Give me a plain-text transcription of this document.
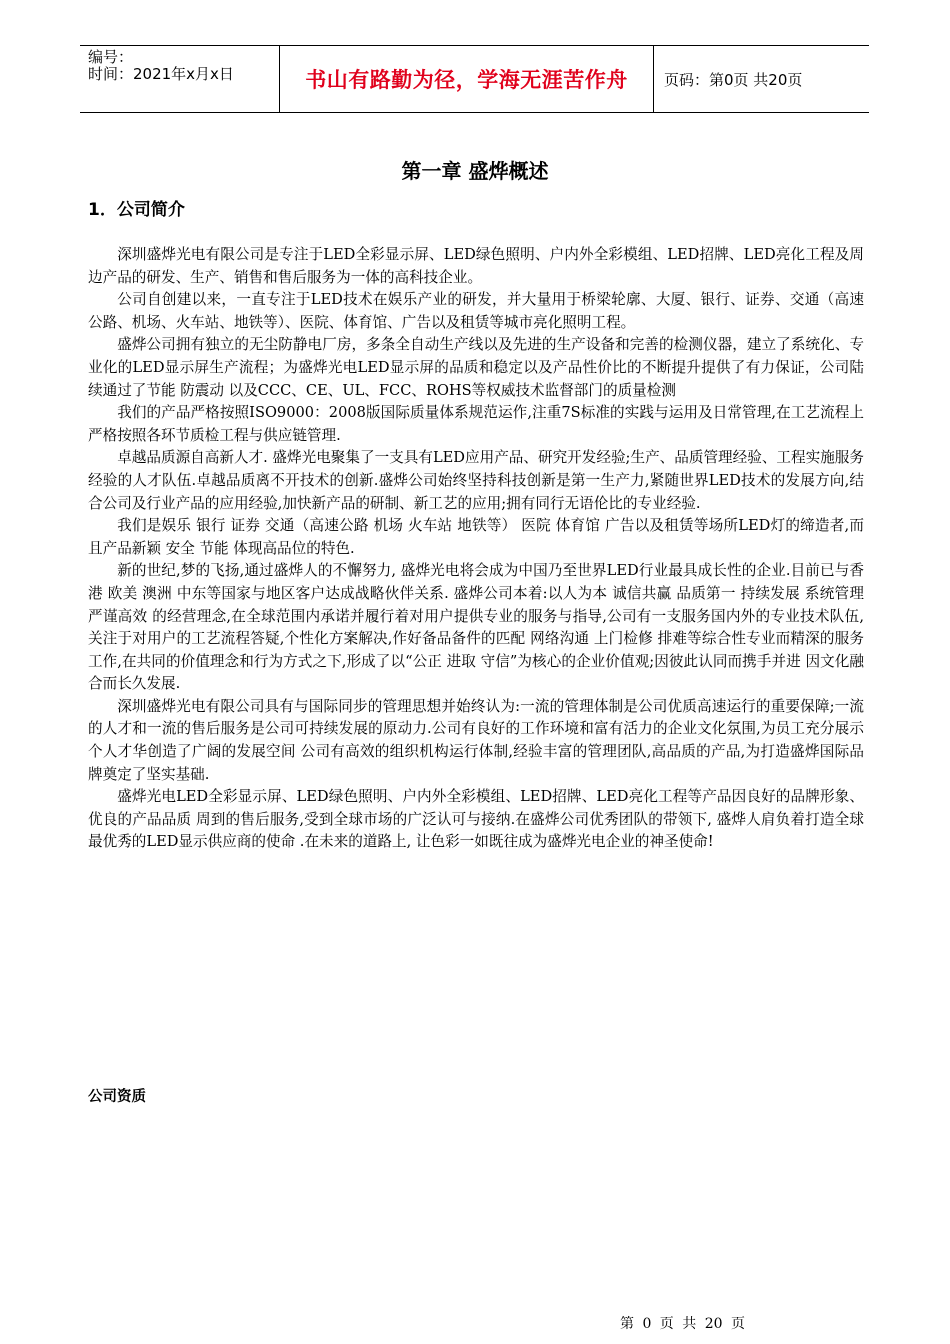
编号：
时间：2021年x月x日	书山有路勤为径，学海无涯苦作舟	页码：第0页 共20页
第一章 盛烨概述
1．公司简介

深圳盛烨光电有限公司是专注于LED全彩显示屏、LED绿色照明、户内外全彩模组、LED招牌、LED亮化工程及周边产品的研发、生产、销售和售后服务为一体的高科技企业。

公司自创建以来，一直专注于LED技术在娱乐产业的研发，并大量用于桥梁轮廓、大厦、银行、证券、交通（高速公路、机场、火车站、地铁等）、医院、体育馆、广告以及租赁等城市亮化照明工程。

盛烨公司拥有独立的无尘防静电厂房，多条全自动生产线以及先进的生产设备和完善的检测仪器，建立了系统化、专业化的LED显示屏生产流程；为盛烨光电LED显示屏的品质和稳定以及产品性价比的不断提升提供了有力保证，公司陆续通过了节能 防震动 以及CCC、CE、UL、FCC、ROHS等权威技术监督部门的质量检测

我们的产品严格按照ISO9000：2008版国际质量体系规范运作,注重7S标准的实践与运用及日常管理,在工艺流程上严格按照各环节质检工程与供应链管理.

卓越品质源自高新人才. 盛烨光电聚集了一支具有LED应用产品、研究开发经验;生产、品质管理经验、工程实施服务经验的人才队伍.卓越品质离不开技术的创新.盛烨公司始终坚持科技创新是第一生产力,紧随世界LED技术的发展方向,结合公司及行业产品的应用经验,加快新产品的研制、新工艺的应用;拥有同行无语伦比的专业经验.

我们是娱乐 银行 证券 交通（高速公路 机场 火车站 地铁等） 医院 体育馆 广告以及租赁等场所LED灯的缔造者,而且产品新颖 安全 节能 体现高品位的特色.

新的世纪,梦的飞扬,通过盛烨人的不懈努力, 盛烨光电将会成为中国乃至世界LED行业最具成长性的企业.目前已与香港 欧美 澳洲 中东等国家与地区客户达成战略伙伴关系. 盛烨公司本着:以人为本 诚信共赢 品质第一 持续发展 系统管理 严谨高效 的经营理念,在全球范围内承诺并履行着对用户提供专业的服务与指导,公司有一支服务国内外的专业技术队伍,关注于对用户的工艺流程答疑,个性化方案解决,作好备品备件的匹配 网络沟通 上门检修 排难等综合性专业而精深的服务工作,在共同的价值理念和行为方式之下,形成了以“公正 进取 守信”为核心的企业价值观;因彼此认同而携手并进 因文化融合而长久发展.

深圳盛烨光电有限公司具有与国际同步的管理思想并始终认为:一流的管理体制是公司优质高速运行的重要保障;一流的人才和一流的售后服务是公司可持续发展的原动力.公司有良好的工作环境和富有活力的企业文化氛围,为员工充分展示个人才华创造了广阔的发展空间 公司有高效的组织机构运行体制,经验丰富的管理团队,高品质的产品,为打造盛烨国际品牌奠定了坚实基础.

盛烨光电LED全彩显示屏、LED绿色照明、户内外全彩模组、LED招牌、LED亮化工程等产品因良好的品牌形象、优良的产品品质 周到的售后服务,受到全球市场的广泛认可与接纳.在盛烨公司优秀团队的带领下, 盛烨人肩负着打造全球最优秀的LED显示供应商的使命 .在未来的道路上, 让色彩一如既往成为盛烨光电企业的神圣使命!

公司资质
第 0 页 共 20 页
